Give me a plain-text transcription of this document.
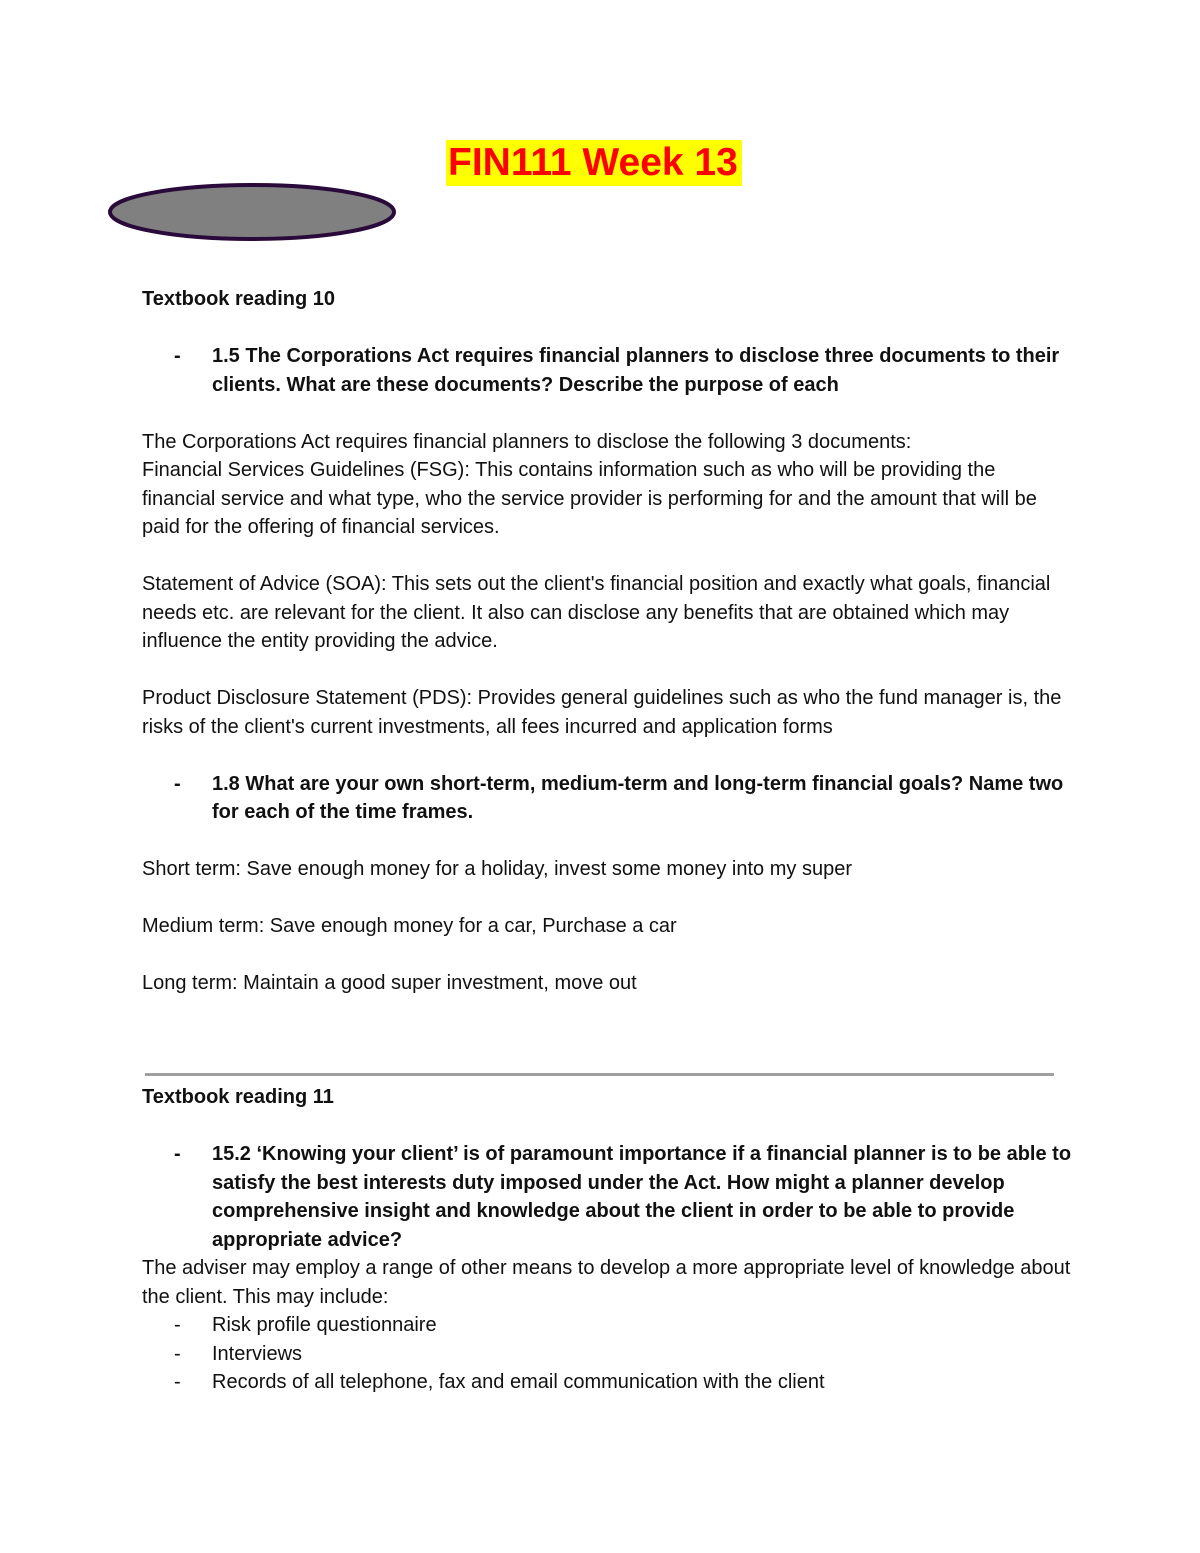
FIN111 Week 13

Textbook reading 10

- 1.5 The Corporations Act requires financial planners to disclose three documents to their clients. What are these documents? Describe the purpose of each

The Corporations Act requires financial planners to disclose the following 3 documents:

Financial Services Guidelines (FSG): This contains information such as who will be providing the financial service and what type, who the service provider is performing for and the amount that will be paid for the offering of financial services.

Statement of Advice (SOA): This sets out the client's financial position and exactly what goals, financial needs etc. are relevant for the client. It also can disclose any benefits that are obtained which may influence the entity providing the advice.

Product Disclosure Statement (PDS): Provides general guidelines such as who the fund manager is, the risks of the client's current investments, all fees incurred and application forms

- 1.8 What are your own short-term, medium-term and long-term financial goals? Name two for each of the time frames.

Short term: Save enough money for a holiday, invest some money into my super

Medium term: Save enough money for a car, Purchase a car

Long term: Maintain a good super investment, move out

Textbook reading 11

- 15.2 ‘Knowing your client’ is of paramount importance if a financial planner is to be able to satisfy the best interests duty imposed under the Act. How might a planner develop comprehensive insight and knowledge about the client in order to be able to provide appropriate advice?

The adviser may employ a range of other means to develop a more appropriate level of knowledge about the client. This may include:

- Risk profile questionnaire

- Interviews

- Records of all telephone, fax and email communication with the client
